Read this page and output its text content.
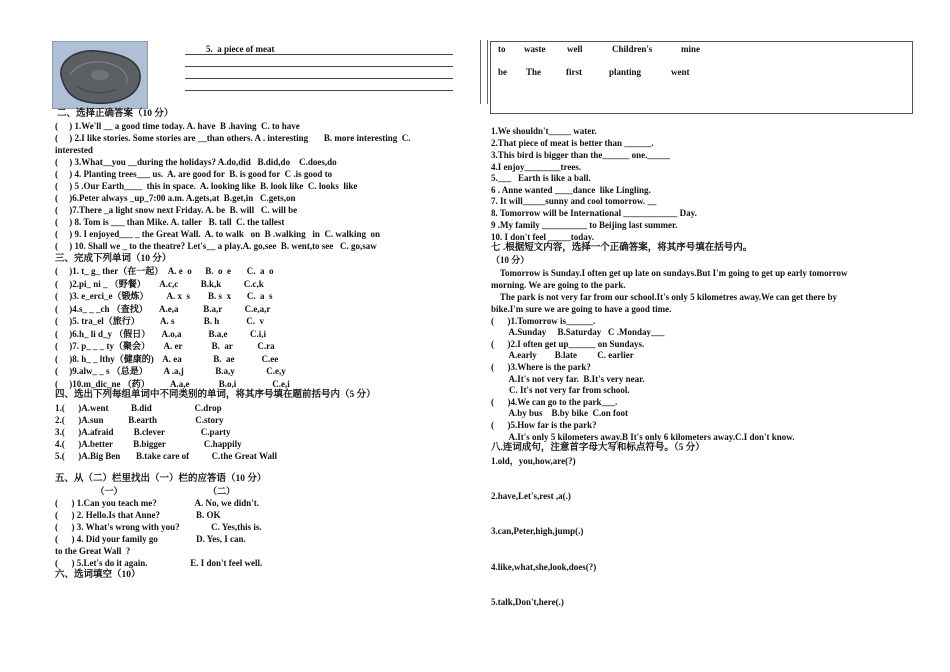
5.  a piece of meat
二、选择正确答案（10 分）
(     ) 1.We'll __ a good time today. A. have  B .having  C. to have
(     ) 2.I like stories. Some stories are __than others. A . interesting       B. more interesting  C.
interested
(     ) 3.What__you __during the holidays? A.do,did   B.did,do    C.does,do
(     ) 4. Planting trees___ us.  A. are good for  B. is good for  C .is good to
(     ) 5 .Our Earth____  this in space.  A. looking like  B. look like  C. looks  like
(     )6.Peter always _up_7:00 a.m. A.gets,at  B.get,in   C.gets,on
(     )7.There _a light snow next Friday. A. be  B. will   C. will be
(     ) 8. Tom is ___ than Mike. A. taller   B. tall  C. the tallest
(     ) 9. I enjoyed___ _ the Great Wall.  A. to walk   on  B .walking   in  C. walking  on
(     ) 10. Shall we _ to the theatre? Let's__ a play.A. go,see  B. went,to see   C. go,saw
三、完成下列单词（10 分）
(     )1. t_ g_ ther（在一起）  A. e  o      B.  o  e       C.  a  o
(     )2.pi_ ni _ （野餐）      A.c,c          B.k,k          C.c,k
(     )3. e_erci_e（锻炼）        A. x  s        B. s  x       C.  a  s
(     )4.s_ _ _ch （查找）     A.e,a           B.a,r          C.e,a,r
(     )5. tra_el（旅行）         A. s             B. h            C.  v
(     )6.h_ li d_y （假日）     A.o,a            B.a,e          C.i,i
(     )7. p_ _ _ ty（聚会）      A. er             B.  ar           C.ra
(     )8. h_ _ lthy（健康的)    A. ea              B.  ae            C.ee
(     )9.alw_ _ s （总是）       A .a,j              B.a,y              C.e,y
(     )10.m_dic_ne （药）         A.a,e             B.o,i                C.e,i
四、选出下列每组单词中不同类别的单词，将其序号填在题前括号内（5 分）
1.(      )A.went          B.did                   C.drop
2.(      )A.sun           B.earth                 C.story
3.(      )A.afraid         B.clever                C.party
4.(      )A.better         B.bigger                 C.happily
5.(      )A.Big Ben       B.take care of          C.the Great Wall
五、从（二）栏里找出（一）栏的应答语（10 分）
（一）                                      （二）
(      ) 1.Can you teach me?                 A. No, we didn't.
(      ) 2. Hello.Is that Anne?                B. OK
(      ) 3. What's wrong with you?              C. Yes,this is.
(      ) 4. Did your family go                 D. Yes, I can.
to the Great Wall  ?
(      ) 5.Let's do it again.                   E. I don't feel well.
六、选词填空（10）
to waste well	Children's	mine
be The	first	planting	went
1.We shouldn't_____ water.
2.That piece of meat is better than ______.
3.This bird is bigger than the______ one._____
4.I enjoy________trees.
5.___   Earth is like a ball.
6 . Anne wanted ____dance  like Lingling.
7. It will_____sunny and cool tomorrow. __
8. Tomorrow will be International ____________ Day.
9 .My family __________ to Beijing last summer.
10. I don't feel _____today.
七 .根据短文内容，选择一个正确答案，将其序号填在括号内。
（10 分）
Tomorrow is Sunday.I often get up late on sundays.But I'm going to get up early tomorrow
morning. We are going to the park.
The park is not very far from our school.It's only 5 kilometres away.We can get there by
bike.I'm sure we are going to have a good time.
(      )1.Tomorrow is______.
A.Sunday     B.Saturday   C .Monday___
(      )2.I often get up______ on Sundays.
A.early        B.late         C. earlier
(      )3.Where is the park?
A.It's not very far.  B.It's very near.
C. It's not very far from school.
(      )4.We can go to the park___.
A.by bus    B.by bike  C.on foot
(      )5.How far is the park?
A.It's only 5 kilometers away.B It's only 6 kilometers away.C.I don't know.
八.连词成句，注意首字母大写和标点符号。（5 分）
1.old，you,how,are(?)
2.have,Let's,rest ,a(.)
3.can,Peter,high,jump(.)
4.like,what,she,look,does(?)
5.talk,Don't,here(.)
